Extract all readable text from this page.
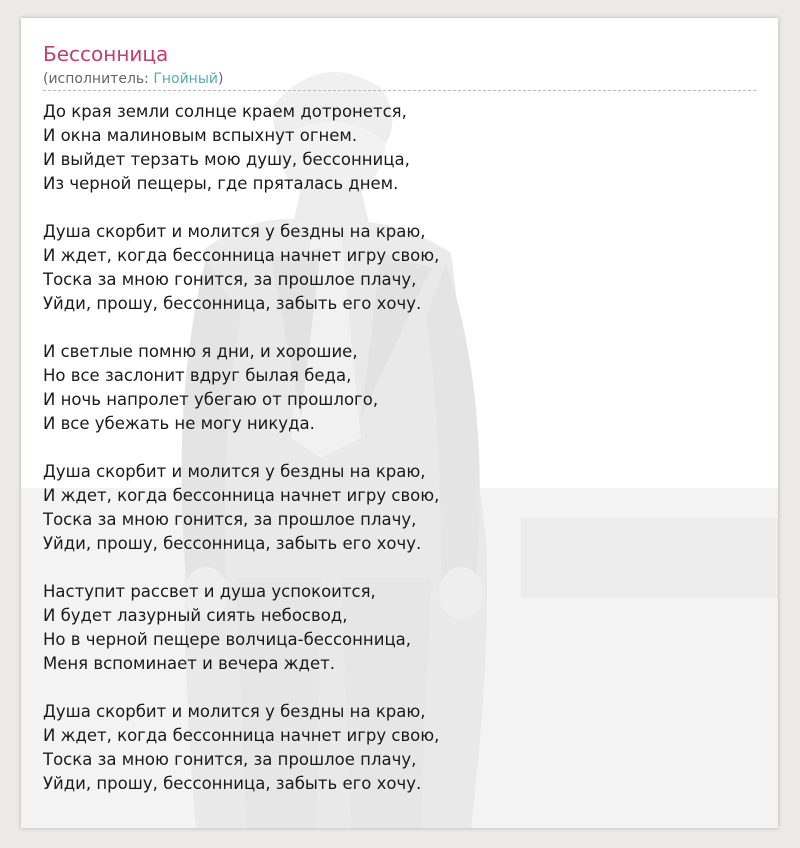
Бессонница
(исполнитель: Гнойный)
До края земли солнце краем дотронется,
И окна малиновым вспыхнут огнем.
И выйдет терзать мою душу, бессонница,
Из черной пещеры, где пряталась днем.
Душа скорбит и молится у бездны на краю,
И ждет, когда бессонница начнет игру свою,
Тоска за мною гонится, за прошлое плачу,
Уйди, прошу, бессонница, забыть его хочу.
И светлые помню я дни, и хорошие,
Но все заслонит вдруг былая беда,
И ночь напролет убегаю от прошлого,
И все убежать не могу никуда.
Душа скорбит и молится у бездны на краю,
И ждет, когда бессонница начнет игру свою,
Тоска за мною гонится, за прошлое плачу,
Уйди, прошу, бессонница, забыть его хочу.
Наступит рассвет и душа успокоится,
И будет лазурный сиять небосвод,
Но в черной пещере волчица-бессонница,
Меня вспоминает и вечера ждет.
Душа скорбит и молится у бездны на краю,
И ждет, когда бессонница начнет игру свою,
Тоска за мною гонится, за прошлое плачу,
Уйди, прошу, бессонница, забыть его хочу.
